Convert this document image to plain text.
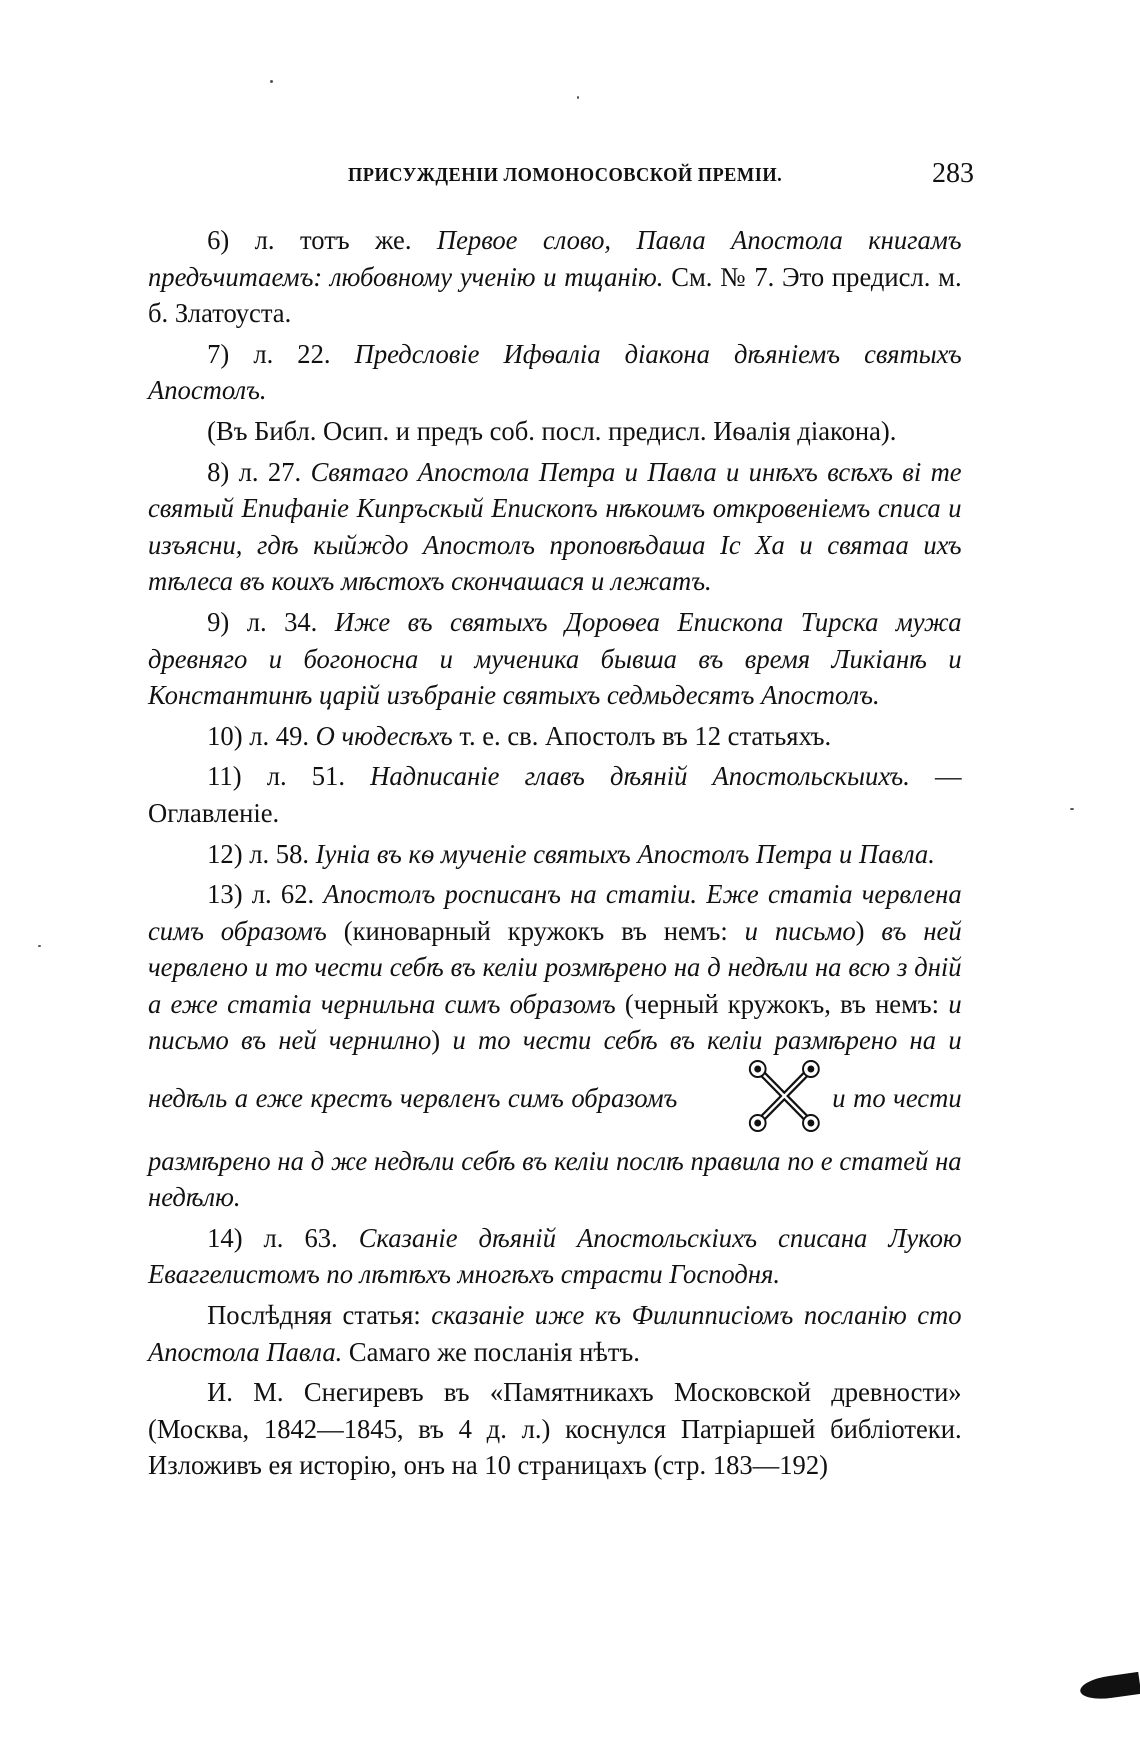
ПРИСУЖДЕНІИ ЛОМОНОСОВСКОЙ ПРЕМІИ.	283

6) л. тотъ же. Первое слово, Павла Апостола книгамъ предъчитаемъ: любовному ученію и тщанію. См. № 7. Это предисл. м. б. Златоуста.

7) л. 22. Предсловіе Ифѳаліа діакона дѣяніемъ святыхъ Апостолъ.

(Въ Библ. Осип. и предъ соб. посл. предисл. Иѳалія діакона).

8) л. 27. Святаго Апостола Петра и Павла и инѣхъ всѣхъ ві те святый Епифаніе Кипръскый Епископъ нѣкоимъ откровеніемъ списа и изъясни, гдѣ кыйждо Апостолъ проповѣдаша Іс Ха и святаа ихъ тѣлеса въ коихъ мѣстохъ скончашася и лежатъ.

9) л. 34. Иже въ святыхъ Дороѳеа Епископа Тирска мужа древняго и богоносна и мученика бывша въ время Ликіанѣ и Константинѣ царій изъбраніе святыхъ седмьдесятъ Апостолъ.

10) л. 49. О чюдесѣхъ т. е. св. Апостолъ въ 12 статьяхъ.

11) л. 51. Надписаніе главъ дѣяній Апостольскыихъ. — Оглавленіе.

12) л. 58. Іуніа въ кѳ мученіе святыхъ Апостолъ Петра и Павла.

13) л. 62. Апостолъ росписанъ на статіи. Еже статіа червлена симъ образомъ (киноварный кружокъ въ немъ: и письмо) въ ней червлено и то чести себѣ въ келіи розмѣрено на д недѣли на всю з дній а еже статіа чернильна симъ образомъ (черный кружокъ, въ немъ: и письмо въ ней чернилно) и то чести себѣ въ келіи размѣрено на и недѣль а еже крестъ червленъ симъ образомъ	и то чести размѣрено на д же недѣли себѣ въ келіи послѣ правила по е статей на недѣлю.

14) л. 63. Сказаніе дѣяній Апостольскіихъ списана Лукою Еваггелистомъ по лѣтѣхъ многѣхъ страсти Господня.

Послѣдняя статья: сказаніе иже къ Филипписіомъ посланію сто Апостола Павла. Самаго же посланія нѣтъ.

И. М. Снегиревъ въ «Памятникахъ Московской древности» (Москва, 1842—1845, въ 4 д. л.) коснулся Патріаршей библіотеки. Изложивъ ея исторію, онъ на 10 страницахъ (стр. 183—192)
